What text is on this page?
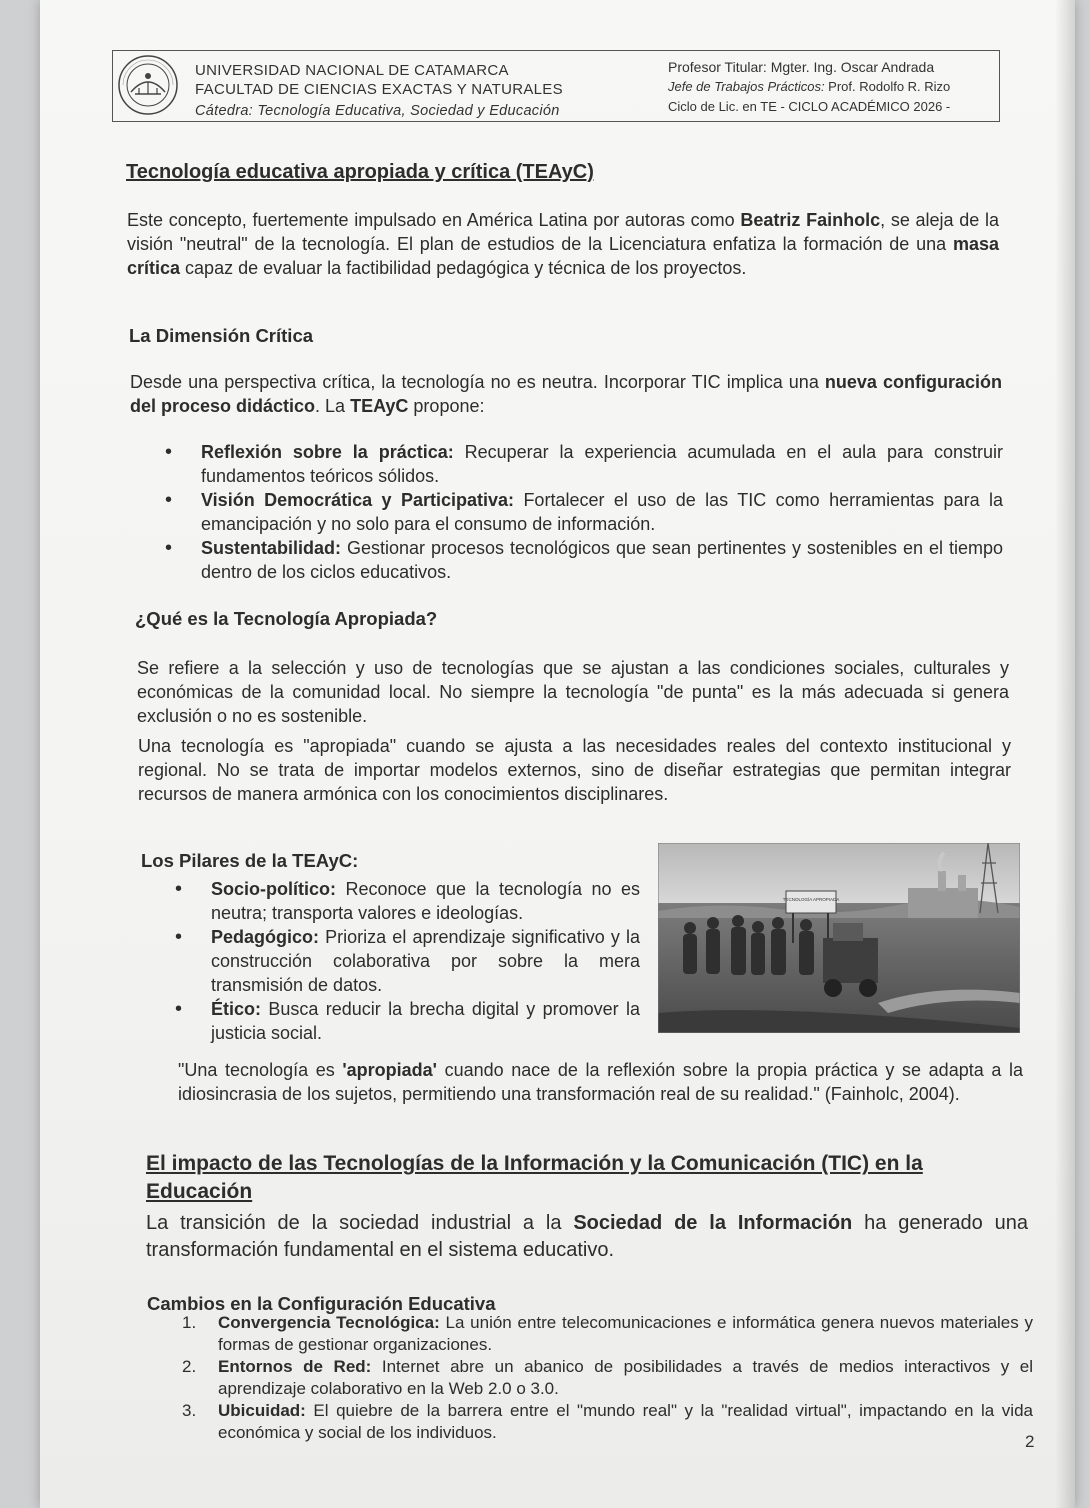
UNIVERSIDAD NACIONAL DE CATAMARCA
FACULTAD DE CIENCIAS EXACTAS Y NATURALES
Cátedra: Tecnología Educativa, Sociedad y Educación
Profesor Titular: Mgter. Ing. Oscar Andrada
Jefe de Trabajos Prácticos: Prof. Rodolfo R. Rizo
Ciclo de Lic. en TE - CICLO ACADÉMICO 2026 -
Tecnología educativa apropiada y crítica (TEAyC)
Este concepto, fuertemente impulsado en América Latina por autoras como Beatriz Fainholc, se aleja de la visión "neutral" de la tecnología. El plan de estudios de la Licenciatura enfatiza la formación de una masa crítica capaz de evaluar la factibilidad pedagógica y técnica de los proyectos.
La Dimensión Crítica
Desde una perspectiva crítica, la tecnología no es neutra. Incorporar TIC implica una nueva configuración del proceso didáctico. La TEAyC propone:
• Reflexión sobre la práctica: Recuperar la experiencia acumulada en el aula para construir fundamentos teóricos sólidos.
• Visión Democrática y Participativa: Fortalecer el uso de las TIC como herramientas para la emancipación y no solo para el consumo de información.
• Sustentabilidad: Gestionar procesos tecnológicos que sean pertinentes y sostenibles en el tiempo dentro de los ciclos educativos.
¿Qué es la Tecnología Apropiada?
Se refiere a la selección y uso de tecnologías que se ajustan a las condiciones sociales, culturales y económicas de la comunidad local. No siempre la tecnología "de punta" es la más adecuada si genera exclusión o no es sostenible.
Una tecnología es "apropiada" cuando se ajusta a las necesidades reales del contexto institucional y regional. No se trata de importar modelos externos, sino de diseñar estrategias que permitan integrar recursos de manera armónica con los conocimientos disciplinares.
Los Pilares de la TEAyC:
• Socio-político: Reconoce que la tecnología no es neutra; transporta valores e ideologías.
• Pedagógico: Prioriza el aprendizaje significativo y la construcción colaborativa por sobre la mera transmisión de datos.
• Ético: Busca reducir la brecha digital y promover la justicia social.
TECNOLOGÍA APROPIADA
"Una tecnología es 'apropiada' cuando nace de la reflexión sobre la propia práctica y se adapta a la idiosincrasia de los sujetos, permitiendo una transformación real de su realidad." (Fainholc, 2004).
El impacto de las Tecnologías de la Información y la Comunicación (TIC) en la Educación
La transición de la sociedad industrial a la Sociedad de la Información ha generado una transformación fundamental en el sistema educativo.
Cambios en la Configuración Educativa
1. Convergencia Tecnológica: La unión entre telecomunicaciones e informática genera nuevos materiales y formas de gestionar organizaciones.
2. Entornos de Red: Internet abre un abanico de posibilidades a través de medios interactivos y el aprendizaje colaborativo en la Web 2.0 o 3.0.
3. Ubicuidad: El quiebre de la barrera entre el "mundo real" y la "realidad virtual", impactando en la vida económica y social de los individuos.	2
